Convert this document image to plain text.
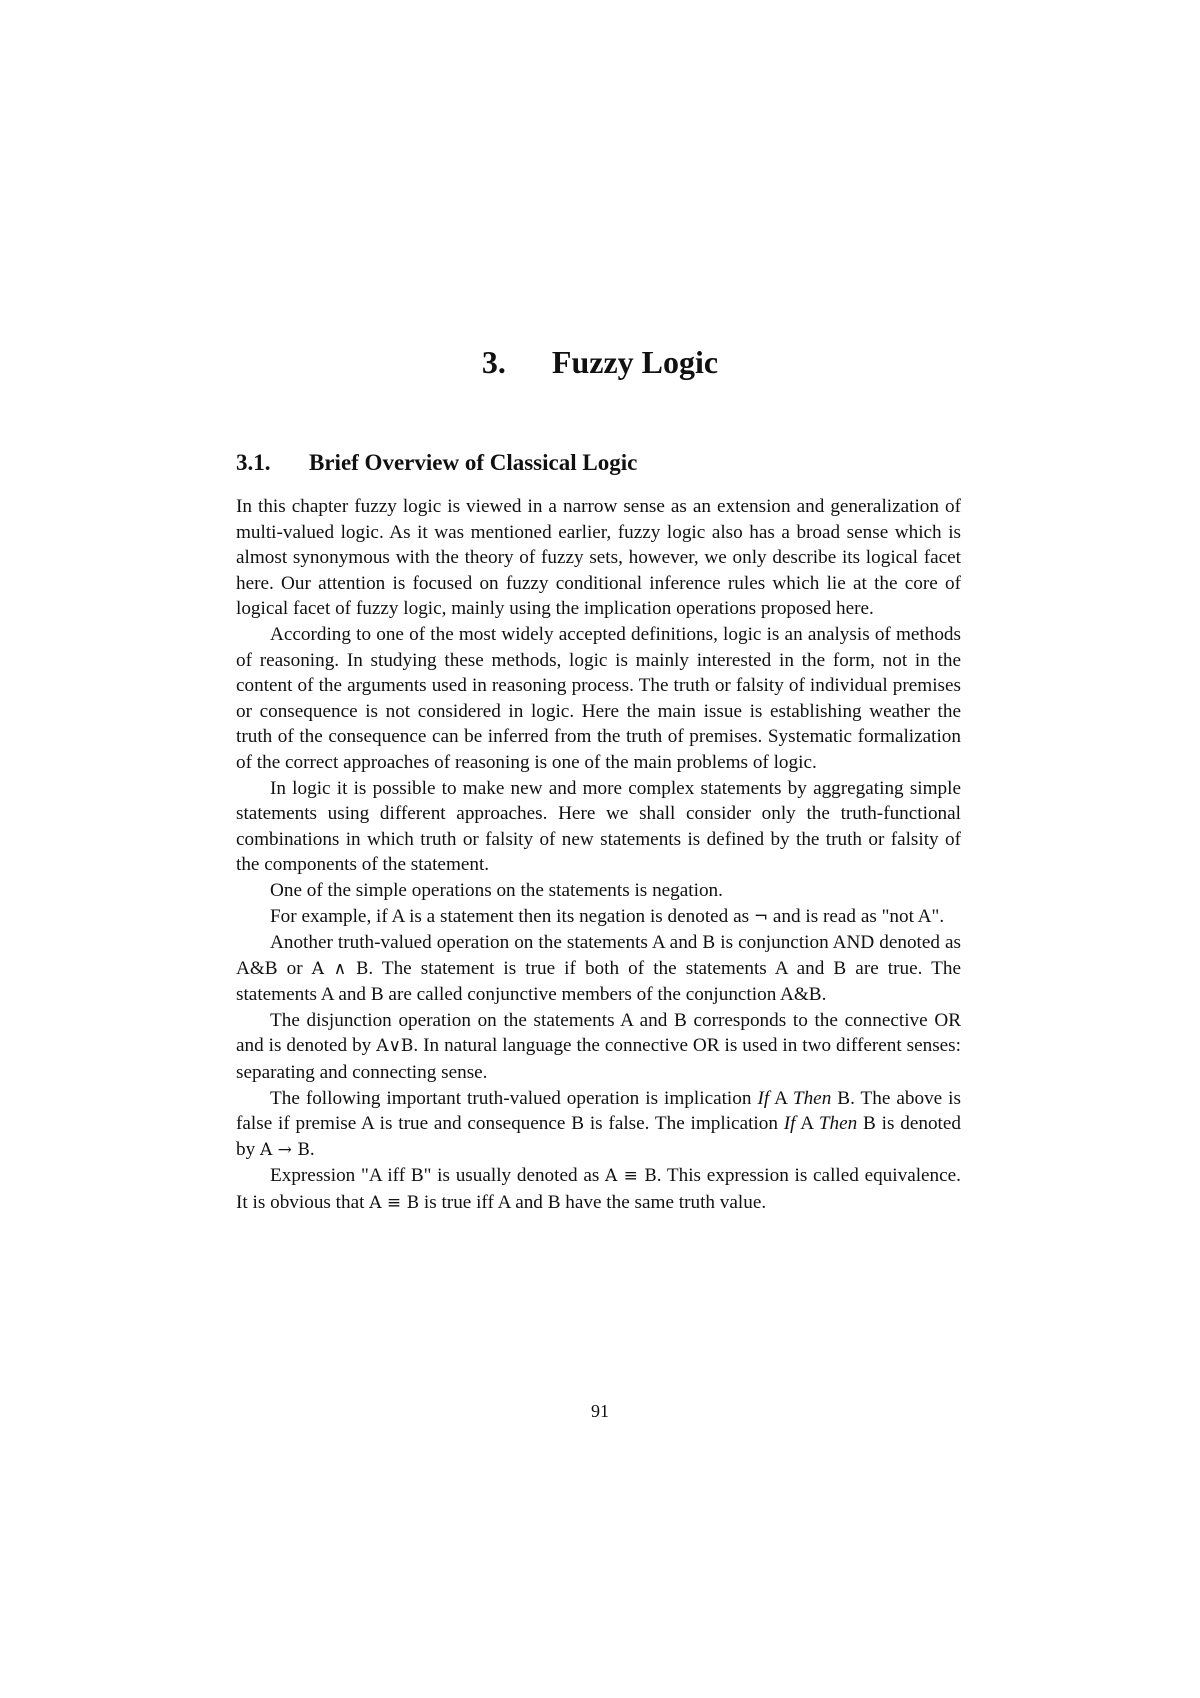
3. Fuzzy Logic
3.1. Brief Overview of Classical Logic

In this chapter fuzzy logic is viewed in a narrow sense as an extension and generalization of multi-valued logic. As it was mentioned earlier, fuzzy logic also has a broad sense which is almost synonymous with the theory of fuzzy sets, however, we only describe its logical facet here. Our attention is focused on fuzzy conditional inference rules which lie at the core of logical facet of fuzzy logic, mainly using the implication operations proposed here.

According to one of the most widely accepted definitions, logic is an analysis of methods of reasoning. In studying these methods, logic is mainly interested in the form, not in the content of the arguments used in reasoning process. The truth or falsity of individual premises or consequence is not considered in logic. Here the main issue is establishing weather the truth of the consequence can be inferred from the truth of premises. Systematic formalization of the correct approaches of reasoning is one of the main problems of logic.

In logic it is possible to make new and more complex statements by aggregating simple statements using different approaches. Here we shall consider only the truth-functional combinations in which truth or falsity of new statements is defined by the truth or falsity of the components of the statement.

One of the simple operations on the statements is negation.

For example, if A is a statement then its negation is denoted as ¬ and is read as "not A".

Another truth-valued operation on the statements A and B is conjunction AND denoted as A&B or A ∧ B. The statement is true if both of the statements A and B are true. The statements A and B are called conjunctive members of the conjunction A&B.

The disjunction operation on the statements A and B corresponds to the connective OR and is denoted by A∨B. In natural language the connective OR is used in two different senses: separating and connecting sense.

The following important truth-valued operation is implication If A Then B. The above is false if premise A is true and consequence B is false. The implication If A Then B is denoted by A → B.

Expression "A iff B" is usually denoted as A ≡ B. This expression is called equivalence. It is obvious that A ≡ B is true iff A and B have the same truth value.

91
